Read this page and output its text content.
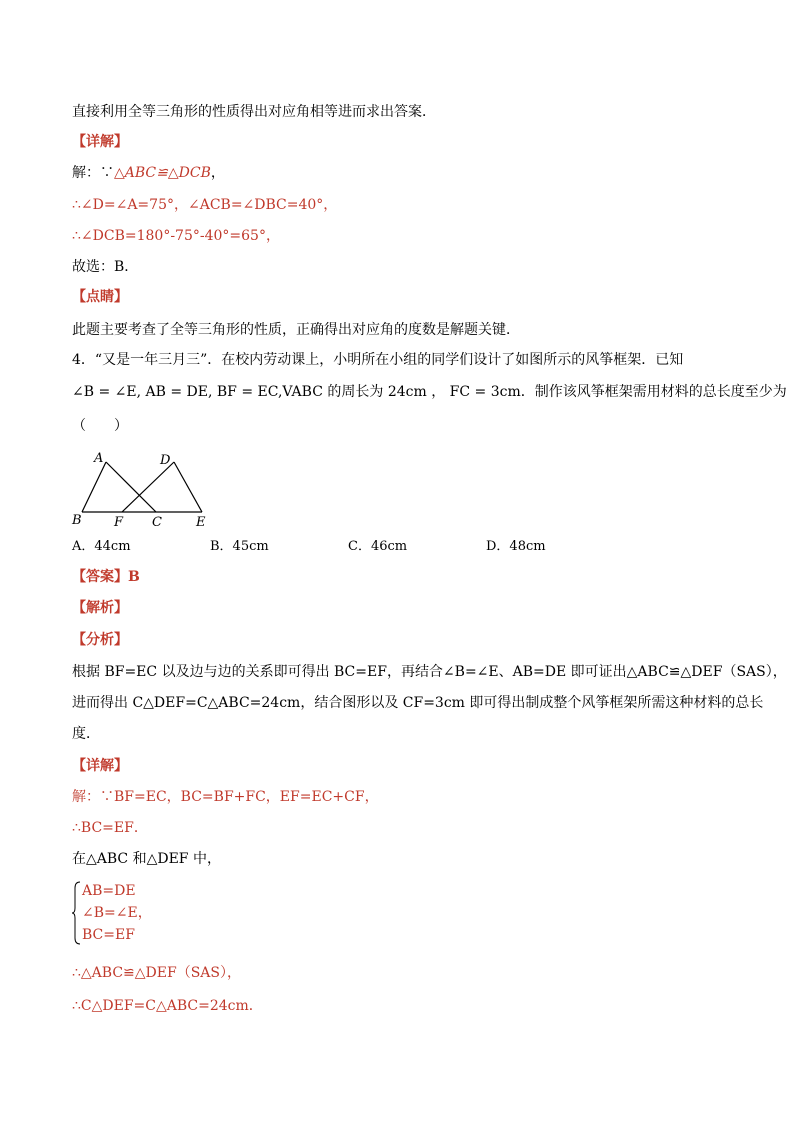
直接利用全等三角形的性质得出对应角相等进而求出答案．
【详解】
解：∵△ABC≌△DCB，
∴∠D=∠A=75°，∠ACB=∠DBC=40°，
∴∠DCB=180°-75°-40°=65°，
故选：B．
【点睛】
此题主要考查了全等三角形的性质，正确得出对应角的度数是解题关键．
4．“又是一年三月三”．在校内劳动课上，小明所在小组的同学们设计了如图所示的风筝框架．已知
∠B = ∠E, AB = DE, BF = EC,VABC 的周长为 24cm ， FC = 3cm．制作该风筝框架需用材料的总长度至少为
（　　）
A	D
B F C	E
A．44cm	B．45cm	C．46cm	D．48cm
【答案】B
【解析】
【分析】
根据 BF=EC 以及边与边的关系即可得出 BC=EF，再结合∠B=∠E、AB=DE 即可证出△ABC≌△DEF（SAS），
进而得出 C△DEF=C△ABC=24cm，结合图形以及 CF=3cm 即可得出制成整个风筝框架所需这种材料的总长
度．
【详解】
解：∵BF=EC，BC=BF+FC，EF=EC+CF，
∴BC=EF．
在△ABC 和△DEF 中，
AB=DE
∠B=∠E，
BC=EF
∴△ABC≌△DEF（SAS），
∴C△DEF=C△ABC=24cm．
